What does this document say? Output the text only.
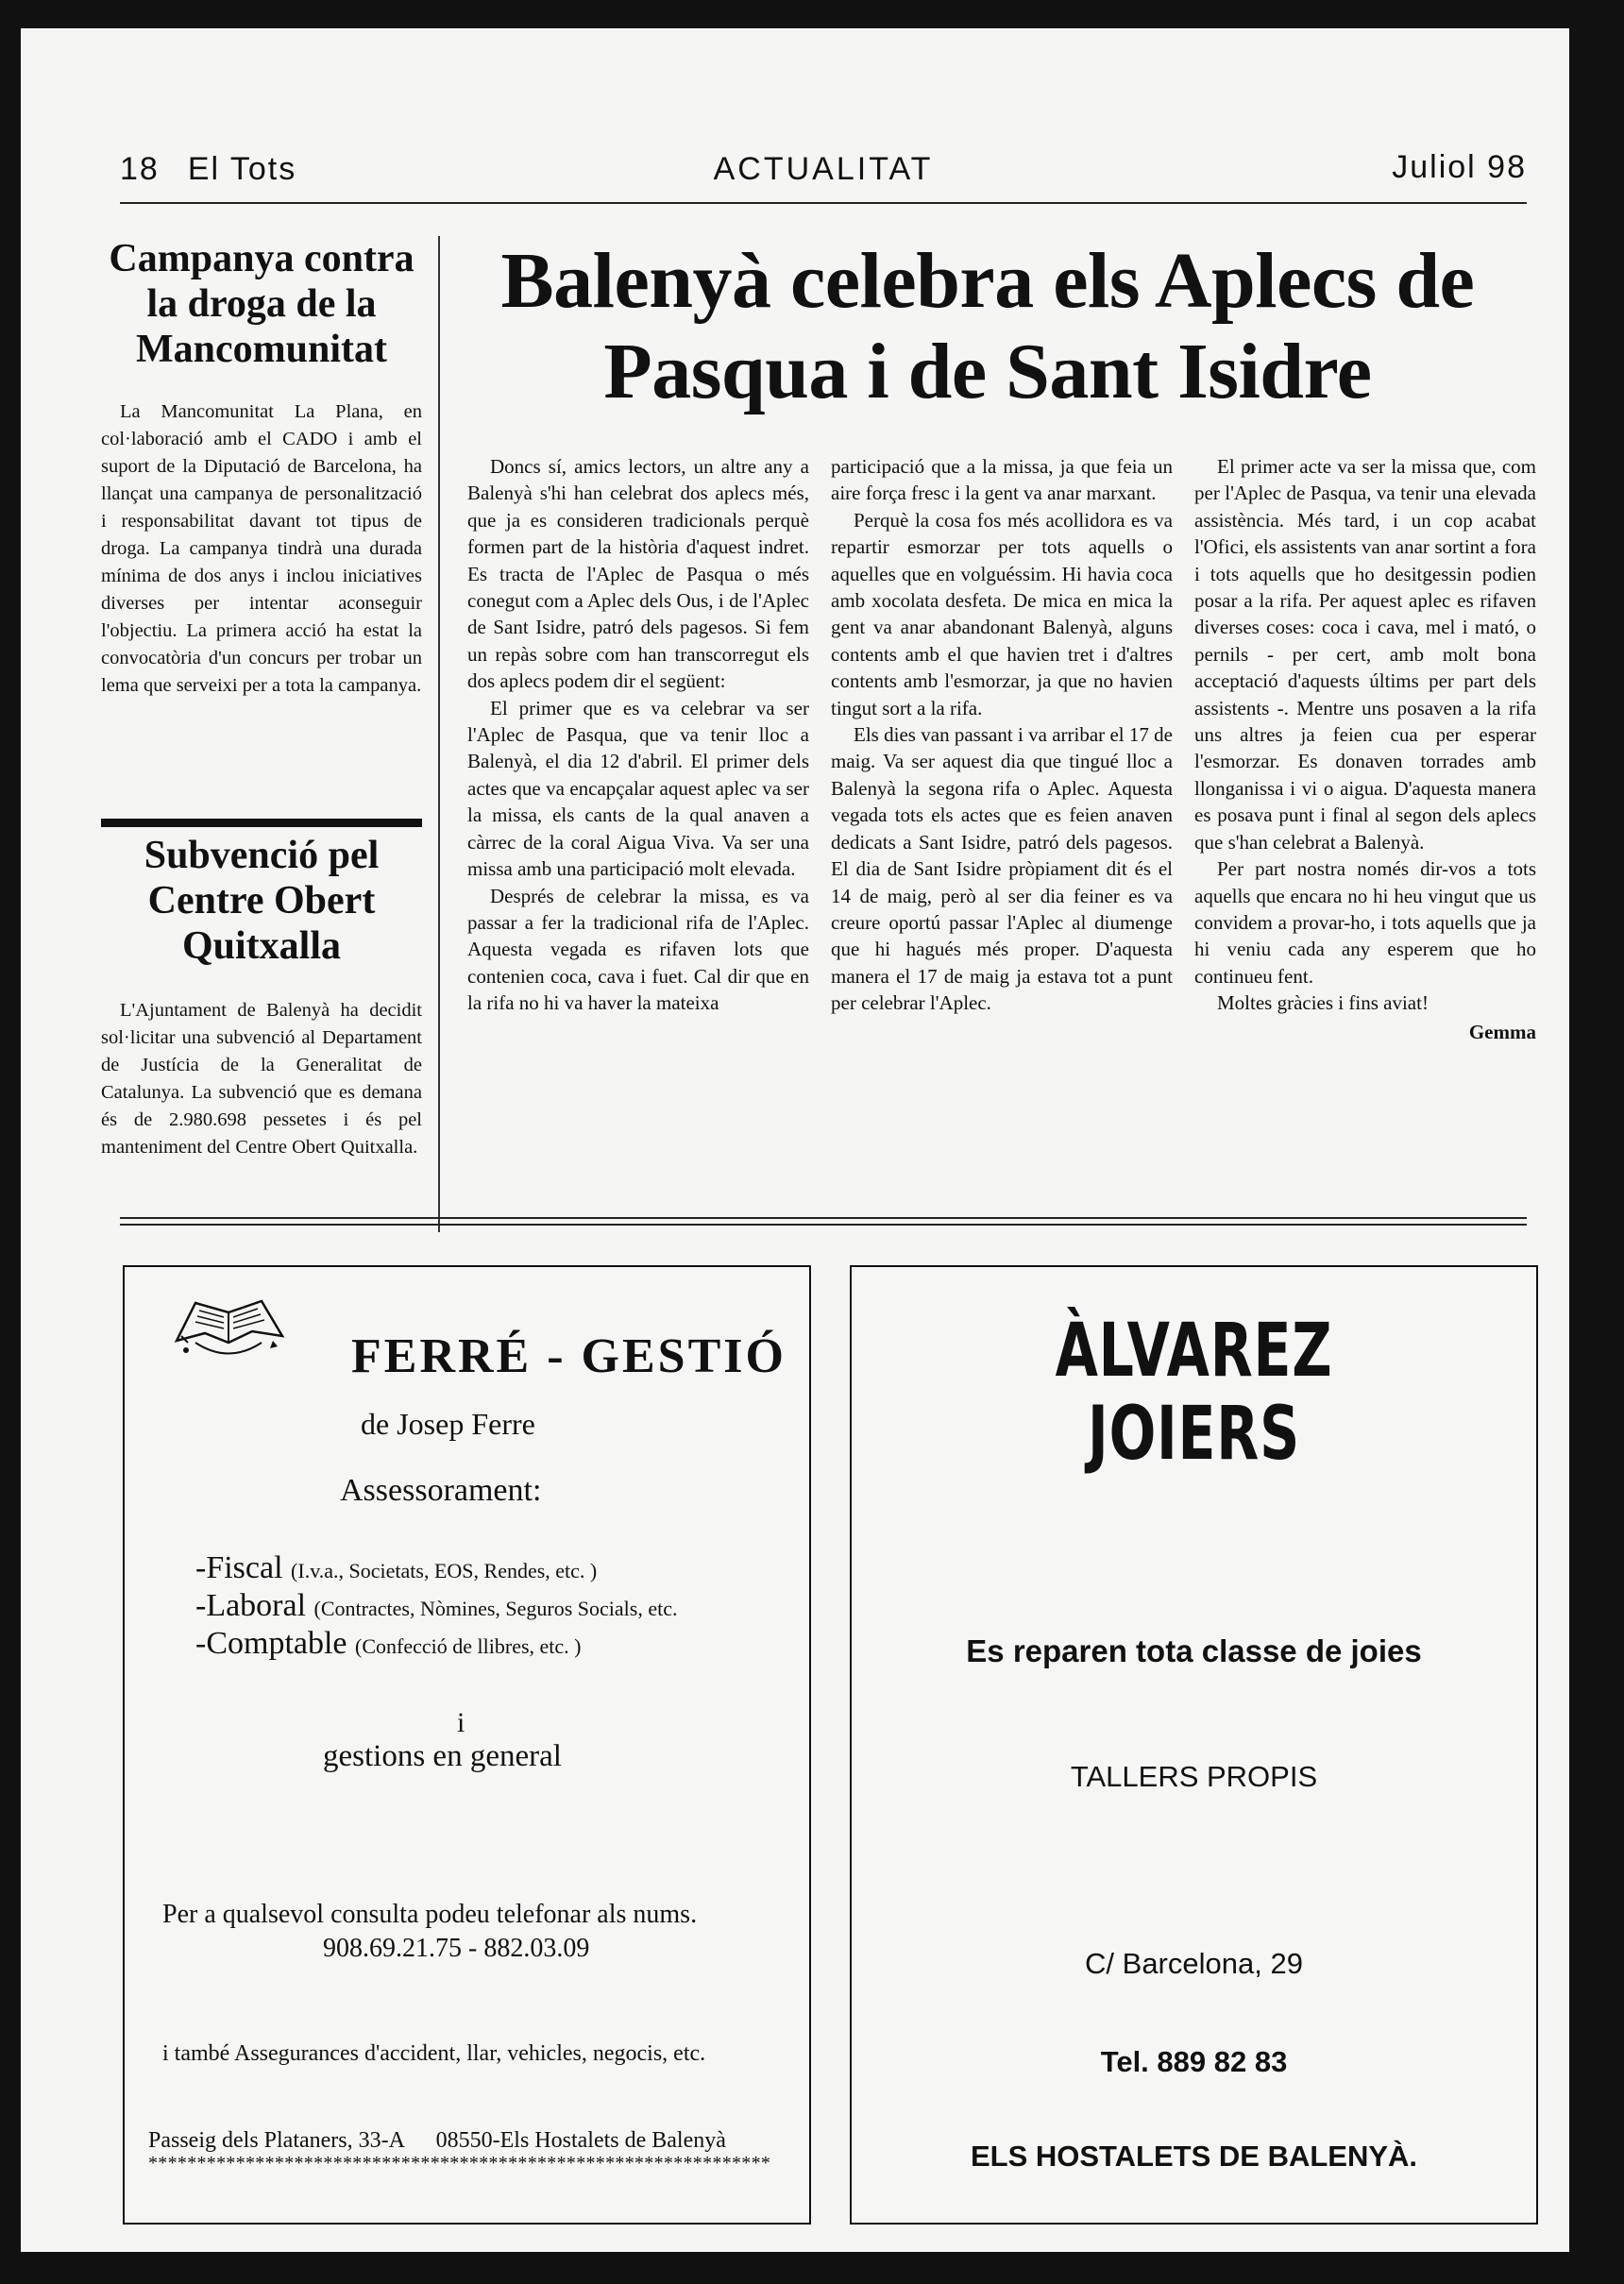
18 El Tots	ACTUALITAT	Juliol 98
Campanya contra la droga de la Mancomunitat

La Mancomunitat La Plana, en col·laboració amb el CADO i amb el suport de la Diputació de Barcelona, ha llançat una campanya de personalització i responsabilitat davant tot tipus de droga. La campanya tindrà una durada mínima de dos anys i inclou iniciatives diverses per intentar aconseguir l'objectiu. La primera acció ha estat la convocatòria d'un concurs per trobar un lema que serveixi per a tota la campanya.

Subvenció pel Centre Obert Quitxalla

L'Ajuntament de Balenyà ha decidit sol·licitar una subvenció al Departament de Justícia de la Generalitat de Catalunya. La subvenció que es demana és de 2.980.698 pessetes i és pel manteniment del Centre Obert Quitxalla.

Balenyà celebra els Aplecs de Pasqua i de Sant Isidre

Doncs sí, amics lectors, un altre any a Balenyà s'hi han celebrat dos aplecs més, que ja es consideren tradicionals perquè formen part de la història d'aquest indret. Es tracta de l'Aplec de Pasqua o més conegut com a Aplec dels Ous, i de l'Aplec de Sant Isidre, patró dels pagesos. Si fem un repàs sobre com han transcorregut els dos aplecs podem dir el següent:

El primer que es va celebrar va ser l'Aplec de Pasqua, que va tenir lloc a Balenyà, el dia 12 d'abril. El primer dels actes que va encapçalar aquest aplec va ser la missa, els cants de la qual anaven a càrrec de la coral Aigua Viva. Va ser una missa amb una participació molt elevada.

Després de celebrar la missa, es va passar a fer la tradicional rifa de l'Aplec. Aquesta vegada es rifaven lots que contenien coca, cava i fuet. Cal dir que en la rifa no hi va haver la mateixa

participació que a la missa, ja que feia un aire força fresc i la gent va anar marxant.

Perquè la cosa fos més acollidora es va repartir esmorzar per tots aquells o aquelles que en volguéssim. Hi havia coca amb xocolata desfeta. De mica en mica la gent va anar abandonant Balenyà, alguns contents amb el que havien tret i d'altres contents amb l'esmorzar, ja que no havien tingut sort a la rifa.

Els dies van passant i va arribar el 17 de maig. Va ser aquest dia que tingué lloc a Balenyà la segona rifa o Aplec. Aquesta vegada tots els actes que es feien anaven dedicats a Sant Isidre, patró dels pagesos. El dia de Sant Isidre pròpiament dit és el 14 de maig, però al ser dia feiner es va creure oportú passar l'Aplec al diumenge que hi hagués més proper. D'aquesta manera el 17 de maig ja estava tot a punt per celebrar l'Aplec.

El primer acte va ser la missa que, com per l'Aplec de Pasqua, va tenir una elevada assistència. Més tard, i un cop acabat l'Ofici, els assistents van anar sortint a fora i tots aquells que ho desitgessin podien posar a la rifa. Per aquest aplec es rifaven diverses coses: coca i cava, mel i mató, o pernils - per cert, amb molt bona acceptació d'aquests últims per part dels assistents -. Mentre uns posaven a la rifa uns altres ja feien cua per esperar l'esmorzar. Es donaven torrades amb llonganissa i vi o aigua. D'aquesta manera es posava punt i final al segon dels aplecs que s'han celebrat a Balenyà.

Per part nostra només dir-vos a tots aquells que encara no hi heu vingut que us convidem a provar-ho, i tots aquells que ja hi veniu cada any esperem que ho continueu fent.

Moltes gràcies i fins aviat!

Gemma
FERRÉ - GESTIÓ
de Josep Ferre
Assessorament:
-Fiscal (I.v.a., Societats, EOS, Rendes, etc. )
-Laboral (Contractes, Nòmines, Seguros Socials, etc.
-Comptable (Confecció de llibres, etc. )
i
gestions en general
Per a qualsevol consulta podeu telefonar als nums.
908.69.21.75 - 882.03.09
i també Assegurances d'accident, llar, vehicles, negocis, etc.
Passeig dels Plataners, 33-A 08550-Els Hostalets de Balenyà
****************************************************************
ÀLVAREZ
JOIERS
Es reparen tota classe de joies
TALLERS PROPIS
C/ Barcelona, 29
Tel. 889 82 83
ELS HOSTALETS DE BALENYÀ.
